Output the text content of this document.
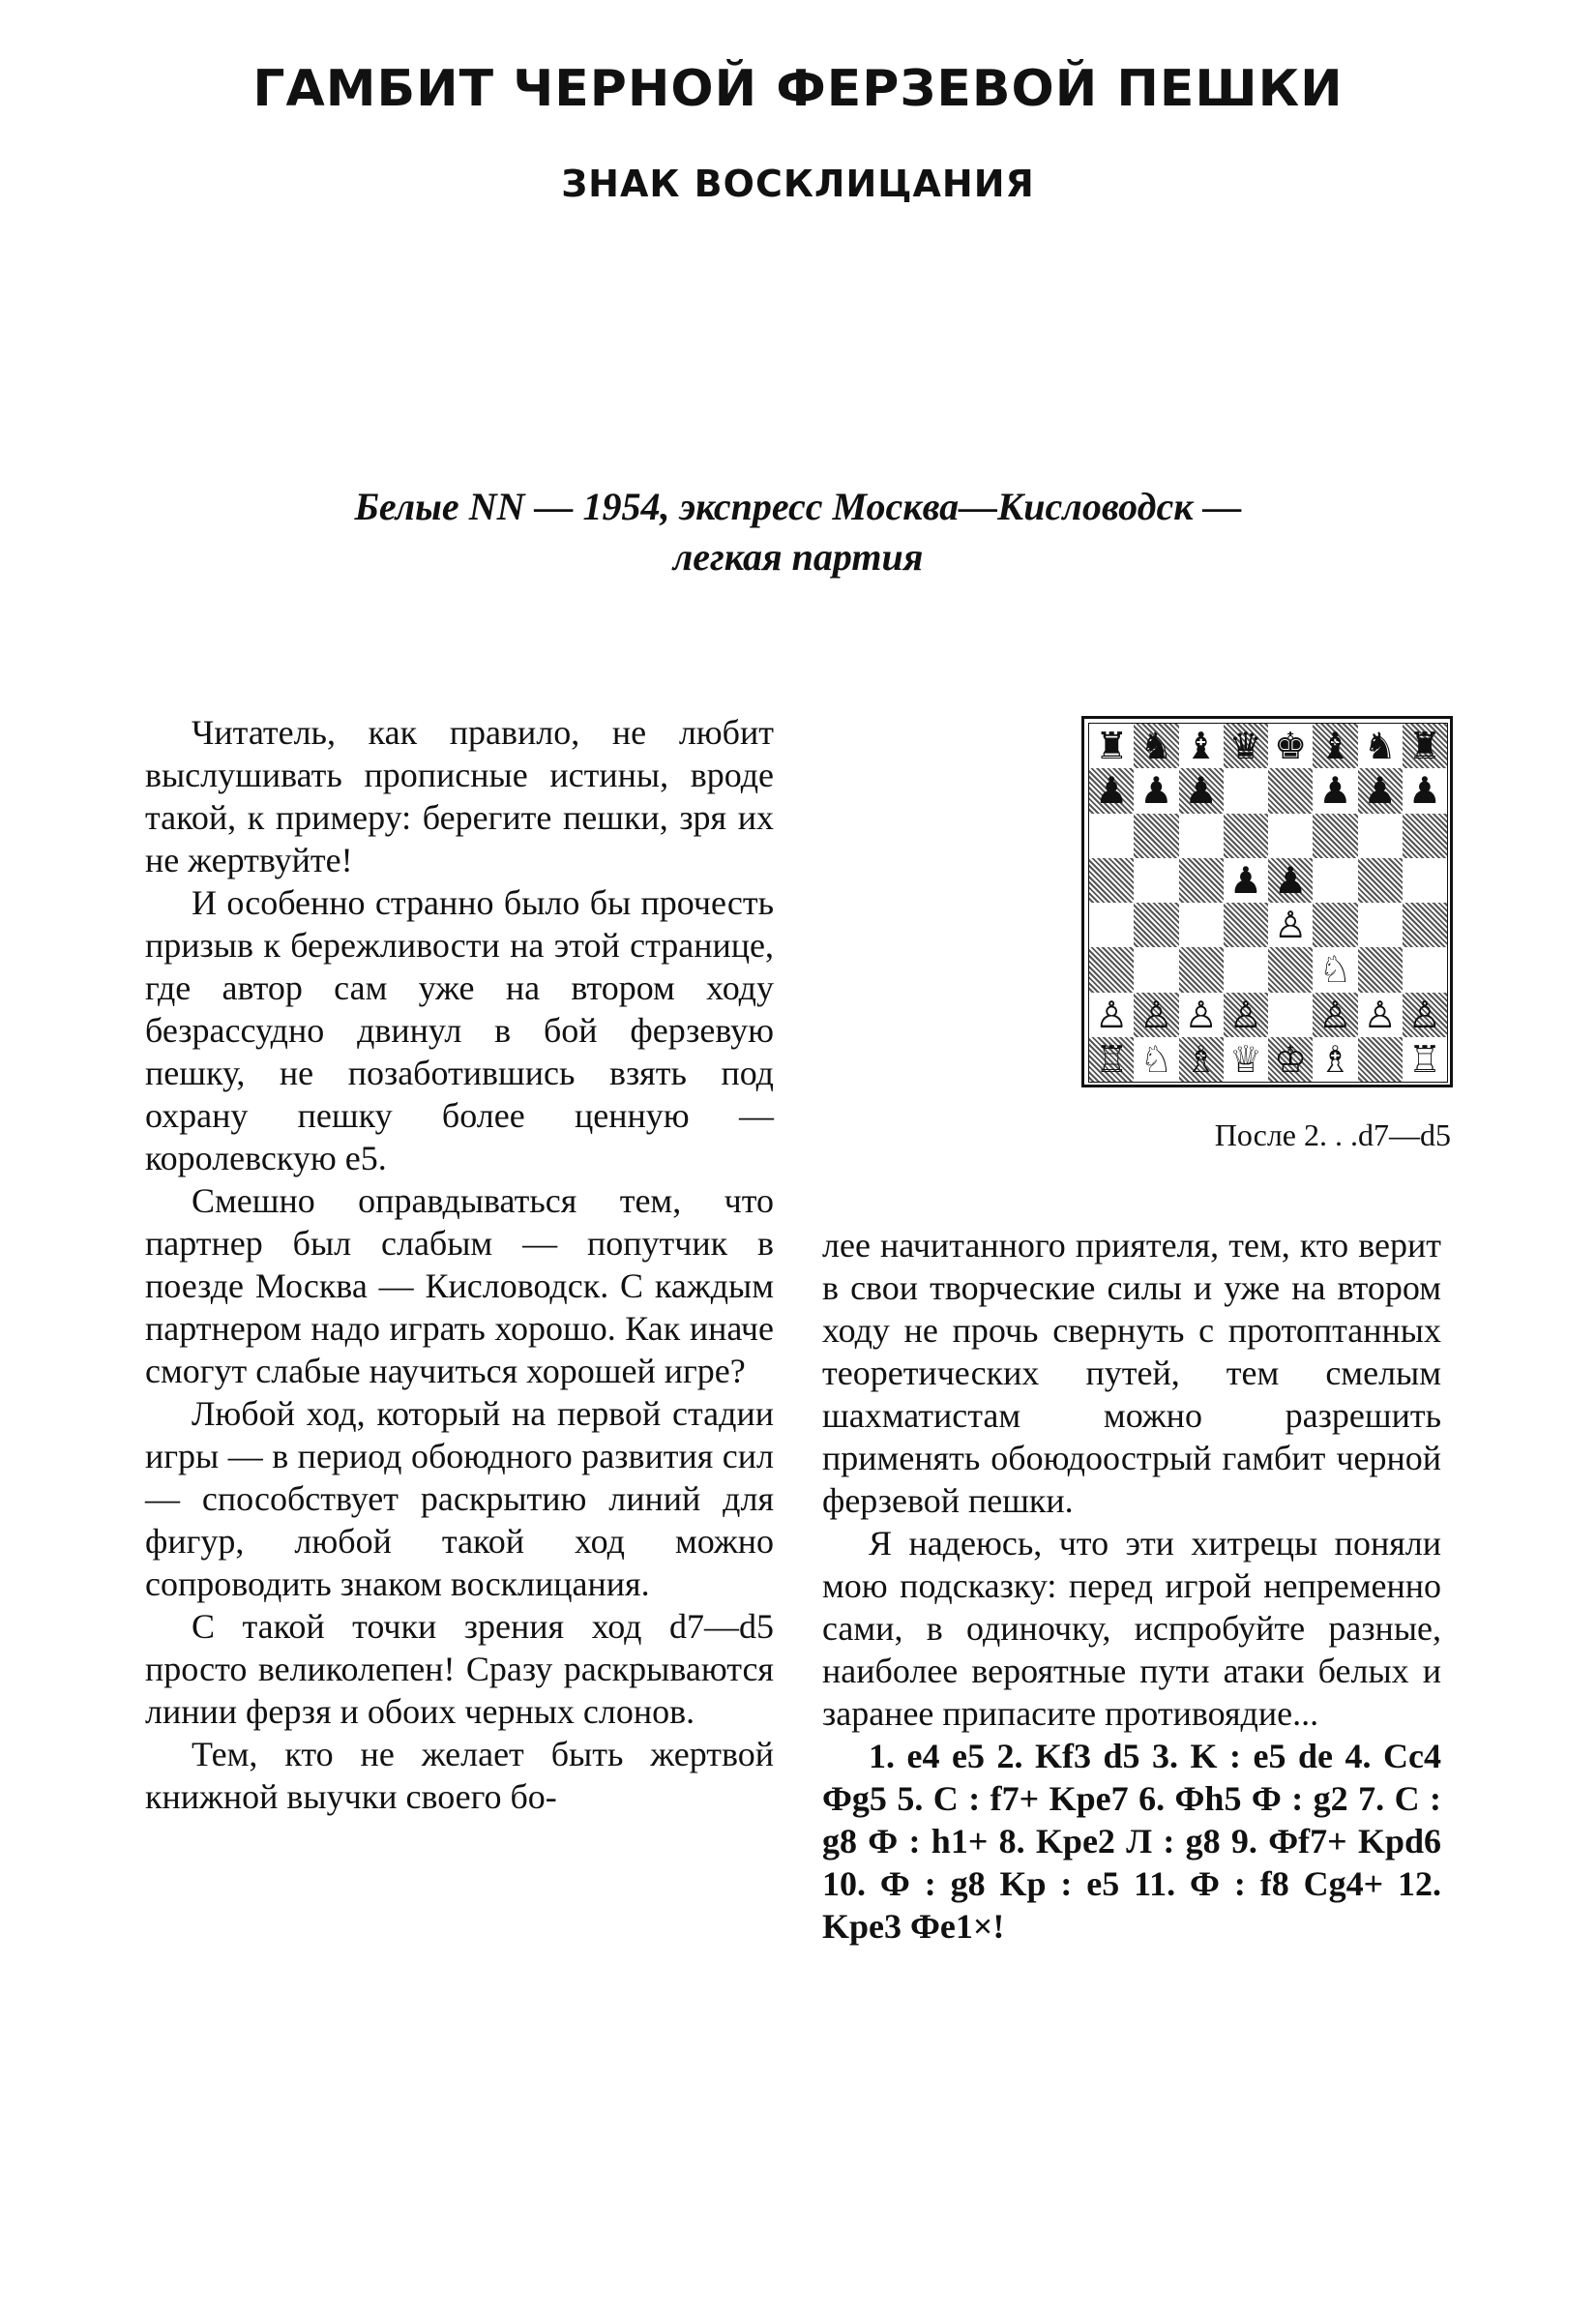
ГАМБИТ ЧЕРНОЙ ФЕРЗЕВОЙ ПЕШКИ
ЗНАК ВОСКЛИЦАНИЯ
Белые NN — 1954, экспресс Москва—Кисловодск —
легкая партия

Читатель, как правило, не любит выслушивать прописные истины, вроде такой, к примеру: берегите пешки, зря их не жертвуйте!

И особенно странно было бы прочесть призыв к бережливости на этой странице, где автор сам уже на втором ходу безрассудно двинул в бой ферзевую пешку, не позаботившись взять под охрану пешку более ценную — королевскую e5.

Смешно оправдываться тем, что партнер был слабым — попутчик в поезде Москва — Кисловодск. С каждым партнером надо играть хорошо. Как иначе смогут слабые научиться хорошей игре?

Любой ход, который на первой стадии игры — в период обоюдного развития сил — способствует раскрытию линий для фигур, любой такой ход можно сопроводить знаком восклицания.

С такой точки зрения ход d7—d5 просто великолепен! Сразу раскрываются линии ферзя и обоих черных слонов.

Тем, кто не желает быть жертвой книжной выучки своего бо-

♜ ♞ ♝ ♛ ♚ ♝ ♞ ♜
♟ ♟ ♟	♟ ♟ ♟
♟ ♟
♙
♘
♙ ♙ ♙ ♙ ♙ ♙ ♙
♖ ♘ ♗ ♕ ♔ ♗ ♖
После 2. . .d7—d5

лее начитанного приятеля, тем, кто верит в свои творческие силы и уже на втором ходу не прочь свернуть с протоптанных теоретических путей, тем смелым шахматистам можно разрешить применять обоюдоострый гамбит черной ферзевой пешки.

Я надеюсь, что эти хитрецы поняли мою подсказку: перед игрой непременно сами, в одиночку, испробуйте разные, наиболее вероятные пути атаки белых и заранее припасите противоядие...

1. e4 e5 2. Kf3 d5 3. K : e5 de 4. Cc4 Фg5 5. C : f7+ Kpe7 6. Фh5 Ф : g2 7. C : g8 Ф : h1+ 8. Kpe2 Л : g8 9. Фf7+ Kpd6 10. Ф : g8 Kp : e5 11. Ф : f8 Cg4+ 12. Kpe3 Фe1×!
